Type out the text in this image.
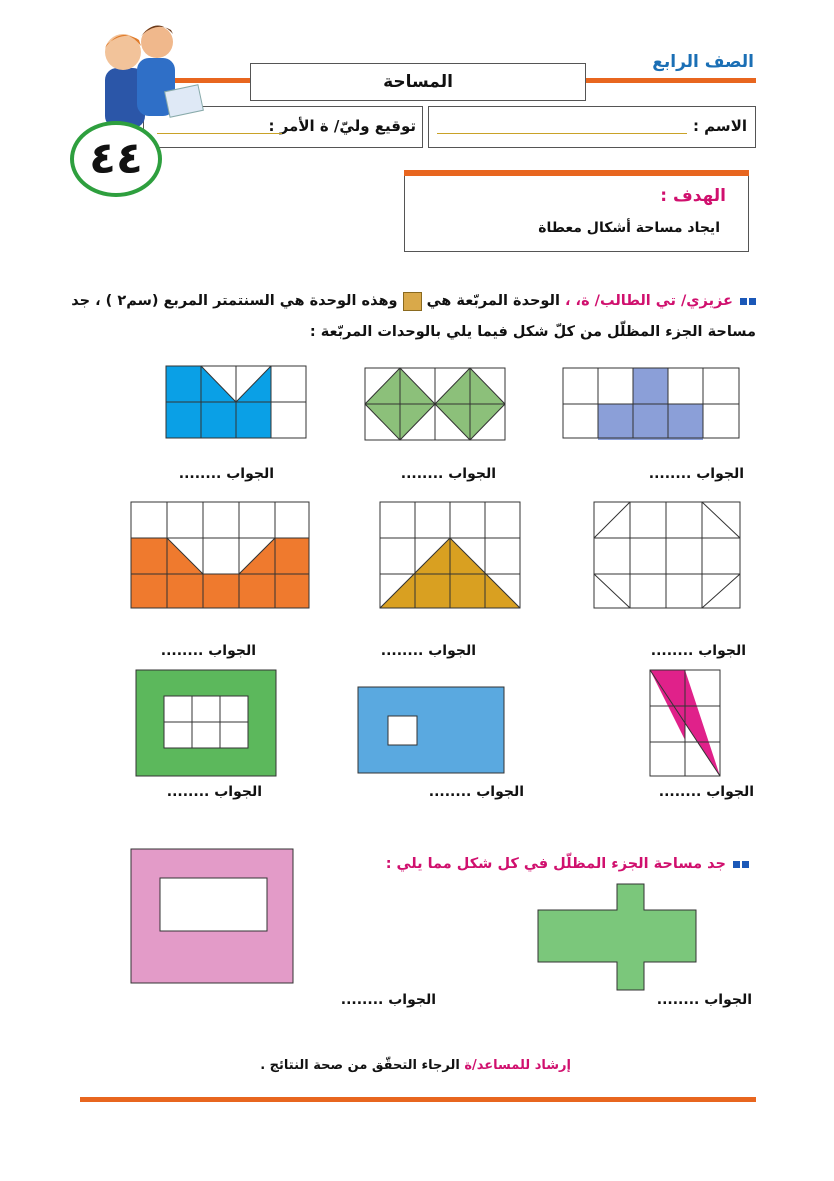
الصف الرابع
المساحة
الاسم :
توقيع وليّ/ ة الأمر :
٤٤
الهدف :
ايجاد مساحة أشكال معطاة
عزيزي/ تي الطالب/ ة، ، الوحدة المربّعة هي  وهذه الوحدة هي السنتمتر المربع (سم٢ ) ، جد
مساحة الجزء المظلّل من كلّ شكل فيما يلي بالوحدات المربّعة :
الجواب ........	الجواب ........	الجواب ........
الجواب ........	الجواب ........	الجواب ........
الجواب ........	الجواب ........	الجواب ........
جد مساحة الجزء المظلّل في كل شكل مما يلي :
الجواب ........	الجواب ........
إرشاد للمساعد/ة الرجاء التحقّق من صحة النتائج .
